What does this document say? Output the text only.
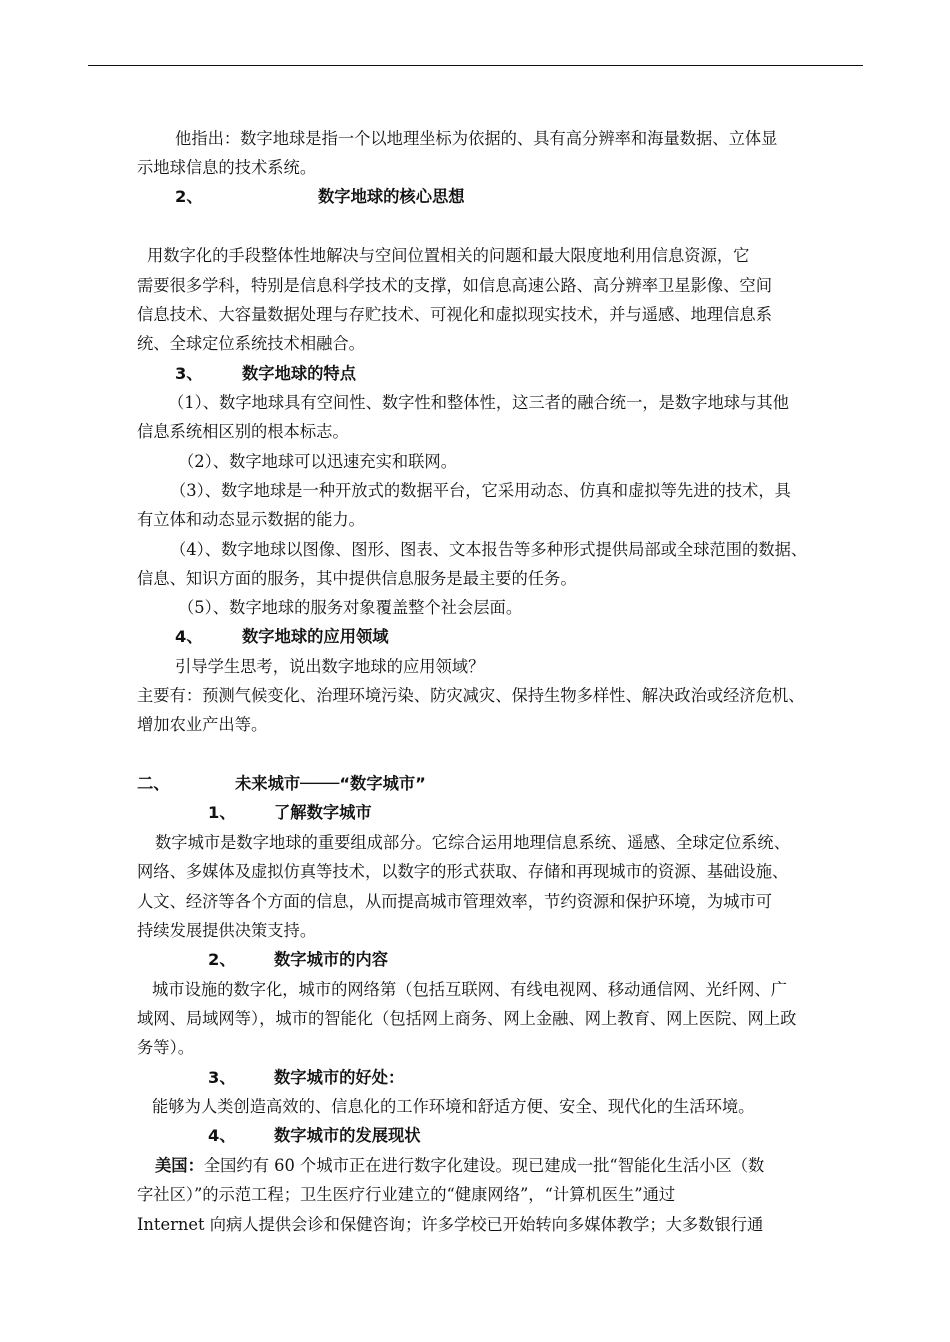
他指出：数字地球是指一个以地理坐标为依据的、具有高分辨率和海量数据、立体显
示地球信息的技术系统。
用数字化的手段整体性地解决与空间位置相关的问题和最大限度地利用信息资源，它
需要很多学科，特别是信息科学技术的支撑，如信息高速公路、高分辨率卫星影像、空间
信息技术、大容量数据处理与存贮技术、可视化和虚拟现实技术，并与遥感、地理信息系
统、全球定位系统技术相融合。
（1）、数字地球具有空间性、数字性和整体性，这三者的融合统一，是数字地球与其他
信息系统相区别的根本标志。
（2）、数字地球可以迅速充实和联网。
（3）、数字地球是一种开放式的数据平台，它采用动态、仿真和虚拟等先进的技术，具
有立体和动态显示数据的能力。
（4）、数字地球以图像、图形、图表、文本报告等多种形式提供局部或全球范围的数据、
信息、知识方面的服务，其中提供信息服务是最主要的任务。
（5）、数字地球的服务对象覆盖整个社会层面。
引导学生思考，说出数字地球的应用领域？
主要有：预测气候变化、治理环境污染、防灾减灾、保持生物多样性、解决政治或经济危机、
增加农业产出等。
数字城市是数字地球的重要组成部分。它综合运用地理信息系统、遥感、全球定位系统、
网络、多媒体及虚拟仿真等技术，以数字的形式获取、存储和再现城市的资源、基础设施、
人文、经济等各个方面的信息，从而提高城市管理效率，节约资源和保护环境，为城市可
持续发展提供决策支持。
城市设施的数字化，城市的网络第（包括互联网、有线电视网、移动通信网、光纤网、广
域网、局域网等），城市的智能化（包括网上商务、网上金融、网上教育、网上医院、网上政
务等）。
能够为人类创造高效的、信息化的工作环境和舒适方便、安全、现代化的生活环境。
字社区）”的示范工程；卫生医疗行业建立的“健康网络”，“计算机医生”通过
Internet 向病人提供会诊和保健咨询；许多学校已开始转向多媒体教学；大多数银行通
2、	数字地球的核心思想
3、 数字地球的特点
4、 数字地球的应用领域
二、	未来城市────“数字城市”
1、 了解数字城市
2、 数字城市的内容
3、 数字城市的好处：
4、 数字城市的发展现状
美国：全国约有 60 个城市正在进行数字化建设。现已建成一批“智能化生活小区（数
